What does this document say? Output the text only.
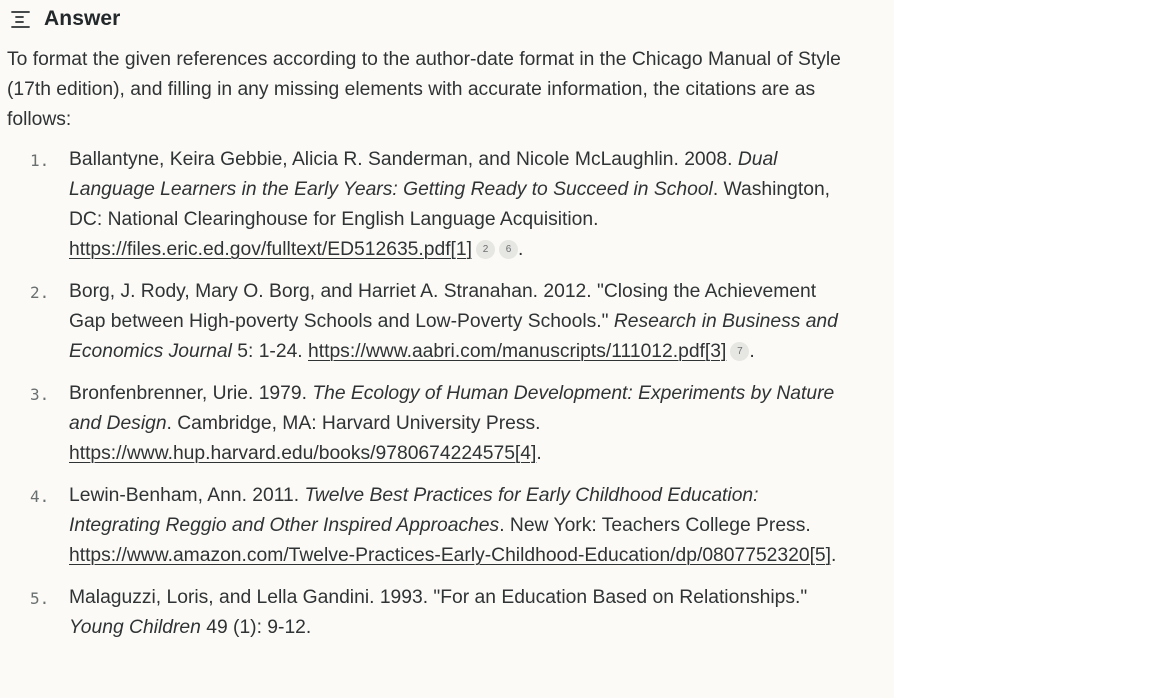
Answer

To format the given references according to the author-date format in the Chicago Manual of Style (17th edition), and filling in any missing elements with accurate information, the citations are as follows:

1. Ballantyne, Keira Gebbie, Alicia R. Sanderman, and Nicole McLaughlin. 2008. Dual Language Learners in the Early Years: Getting Ready to Succeed in School. Washington, DC: National Clearinghouse for English Language Acquisition. https://files.eric.ed.gov/fulltext/ED512635.pdf[1] 2 6 .
2. Borg, J. Rody, Mary O. Borg, and Harriet A. Stranahan. 2012. "Closing the Achievement Gap between High-poverty Schools and Low-Poverty Schools." Research in Business and Economics Journal 5: 1-24. https://www.aabri.com/manuscripts/111012.pdf[3] 7 .
3. Bronfenbrenner, Urie. 1979. The Ecology of Human Development: Experiments by Nature and Design. Cambridge, MA: Harvard University Press. https://www.hup.harvard.edu/books/9780674224575[4].
4. Lewin-Benham, Ann. 2011. Twelve Best Practices for Early Childhood Education: Integrating Reggio and Other Inspired Approaches. New York: Teachers College Press. https://www.amazon.com/Twelve-Practices-Early-Childhood-Education/dp/0807752320[5].
5. Malaguzzi, Loris, and Lella Gandini. 1993. "For an Education Based on Relationships." Young Children 49 (1): 9-12.
